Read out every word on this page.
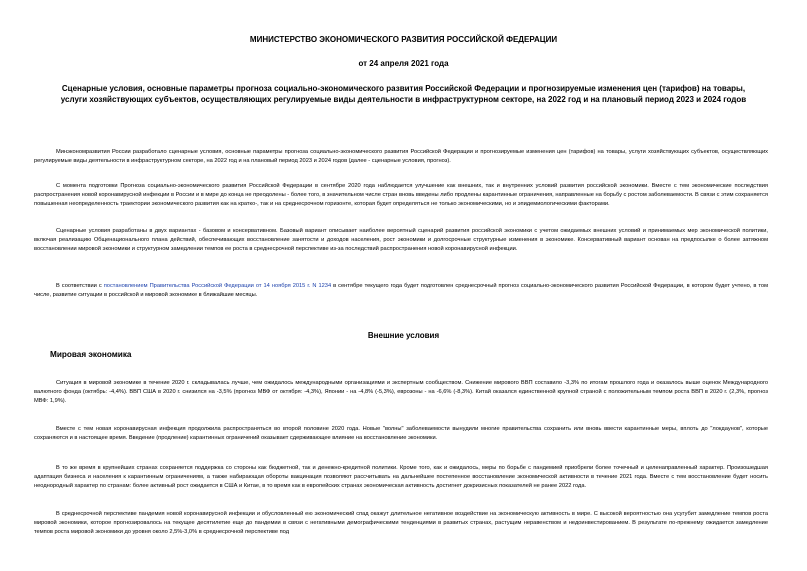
МИНИСТЕРСТВО ЭКОНОМИЧЕСКОГО РАЗВИТИЯ РОССИЙСКОЙ ФЕДЕРАЦИИ
от 24 апреля 2021 года
Сценарные условия, основные параметры прогноза социально-экономического развития Российской Федерации и прогнозируемые изменения цен (тарифов) на товары, услуги хозяйствующих субъектов, осуществляющих регулируемые виды деятельности в инфраструктурном секторе, на 2022 год и на плановый период 2023 и 2024 годов
Минэкономразвития России разработало сценарные условия, основные параметры прогноза социально-экономического развития Российской Федерации и прогнозируемые изменения цен (тарифов) на товары, услуги хозяйствующих субъектов, осуществляющих регулируемые виды деятельности в инфраструктурном секторе, на 2022 год и на плановый период 2023 и 2024 годов (далее - сценарные условия, прогноз).
С момента подготовки Прогноза социально-экономического развития Российской Федерации в сентябре 2020 года наблюдается улучшение как внешних, так и внутренних условий развития российской экономики. Вместе с тем экономические последствия распространения новой коронавирусной инфекции в России и в мире до конца не преодолены - более того, в значительном числе стран вновь введены либо продлены карантинные ограничения, направленные на борьбу с ростом заболеваемости. В связи с этим сохраняется повышенная неопределенность траектории экономического развития как на кратко-, так и на среднесрочном горизонте, которая будет определяться не только экономическими, но и эпидемиологическими факторами.
Сценарные условия разработаны в двух вариантах - базовом и консервативном. Базовый вариант описывает наиболее вероятный сценарий развития российской экономики с учетом ожидаемых внешних условий и принимаемых мер экономической политики, включая реализацию Общенационального плана действий, обеспечивающих восстановление занятости и доходов населения, рост экономики и долгосрочные структурные изменения в экономике. Консервативный вариант основан на предпосылке о более затяжном восстановлении мировой экономики и структурном замедлении темпов ее роста в среднесрочной перспективе из-за последствий распространения новой коронавирусной инфекции.
В соответствии с постановлением Правительства Российской Федерации от 14 ноября 2015 г. N 1234 в сентябре текущего года будет подготовлен среднесрочный прогноз социально-экономического развития Российской Федерации, в котором будет учтено, в том числе, развитие ситуации в российской и мировой экономике в ближайшие месяцы.
Внешние условия
Мировая экономика
Ситуация в мировой экономике в течение 2020 г. складывалась лучше, чем ожидалось международными организациями и экспертным сообществом. Снижение мирового ВВП составило -3,3% по итогам прошлого года и оказалось выше оценок Международного валютного фонда (октябрь: -4,4%). ВВП США в 2020 г. снизился на -3,5% (прогноз МВФ от октября: -4,3%), Японии - на -4,8% (-5,3%), еврозоны - на -6,6% (-8,3%). Китай оказался единственной крупной страной с положительным темпом роста ВВП в 2020 г. (2,3%, прогноз МВФ: 1,9%).
Вместе с тем новая коронавирусная инфекция продолжила распространяться во второй половине 2020 года. Новые "волны" заболеваемости вынудили многие правительства сохранить или вновь ввести карантинные меры, вплоть до "локдаунов", которые сохраняются и в настоящее время. Введение (продление) карантинных ограничений оказывает сдерживающее влияние на восстановление экономики.
В то же время в крупнейших странах сохраняется поддержка со стороны как бюджетной, так и денежно-кредитной политики. Кроме того, как и ожидалось, меры по борьбе с пандемией приобрели более точечный и целенаправленный характер. Произошедшая адаптация бизнеса и населения к карантинным ограничениям, а также набирающая обороты вакцинация позволяют рассчитывать на дальнейшее постепенное восстановление экономической активности в течение 2021 года. Вместе с тем восстановление будет носить неоднородный характер по странам: более активный рост ожидается в США и Китае, в то время как в европейских странах экономическая активность достигнет докризисных показателей не ранее 2022 года.
В среднесрочной перспективе пандемия новой коронавирусной инфекции и обусловленный ею экономический спад окажут длительное негативное воздействие на экономическую активность в мире. С высокой вероятностью она усугубит замедление темпов роста мировой экономики, которое прогнозировалось на текущее десятилетие еще до пандемии в связи с негативными демографическими тенденциями в развитых странах, растущим неравенством и недоинвестированием. В результате по-прежнему ожидается замедление темпов роста мировой экономики до уровня около 2,5%-3,0% в среднесрочной перспективе под
